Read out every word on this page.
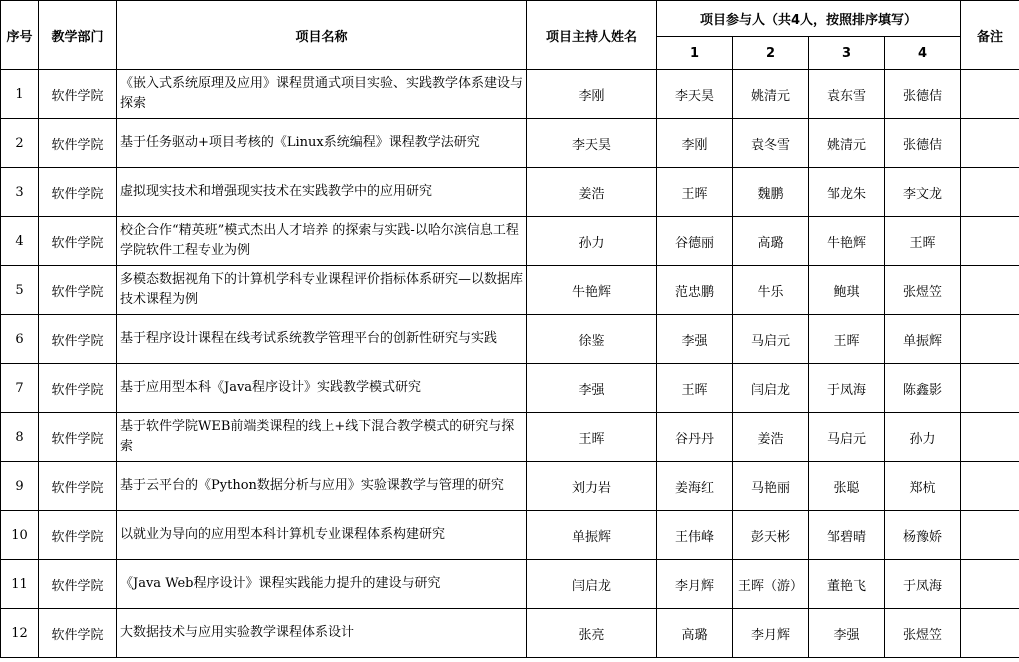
序号	教学部门	项目名称	项目主持人姓名	项目参与人（共4人，按照排序填写）				备注
				1	2	3	4	
1	软件学院	《嵌入式系统原理及应用》课程贯通式项目实验、实践教学体系建设与探索	李刚	李天昊	姚清元	袁东雪	张德佶	
2	软件学院	基于任务驱动+项目考核的《Linux系统编程》课程教学法研究	李天昊	李刚	袁冬雪	姚清元	张德佶	
3	软件学院	虚拟现实技术和增强现实技术在实践教学中的应用研究	姜浩	王晖	魏鹏	邹龙朱	李文龙	
4	软件学院	校企合作“精英班”模式杰出人才培养 的探索与实践-以哈尔滨信息工程学院软件工程专业为例	孙力	谷德丽	高璐	牛艳辉	王晖	
5	软件学院	多模态数据视角下的计算机学科专业课程评价指标体系研究—以数据库技术课程为例	牛艳辉	范忠鹏	牛乐	鲍琪	张煜笠	
6	软件学院	基于程序设计课程在线考试系统教学管理平台的创新性研究与实践	徐鉴	李强	马启元	王晖	单振辉	
7	软件学院	基于应用型本科《Java程序设计》实践教学模式研究	李强	王晖	闫启龙	于凤海	陈鑫影	
8	软件学院	基于软件学院WEB前端类课程的线上+线下混合教学模式的研究与探索	王晖	谷丹丹	姜浩	马启元	孙力	
9	软件学院	基于云平台的《Python数据分析与应用》实验课教学与管理的研究	刘力岩	姜海红	马艳丽	张聪	郑杭	
10	软件学院	以就业为导向的应用型本科计算机专业课程体系构建研究	单振辉	王伟峰	彭天彬	邹碧晴	杨豫娇	
11	软件学院	《Java Web程序设计》课程实践能力提升的建设与研究	闫启龙	李月辉	王晖（游）	董艳飞	于凤海	
12	软件学院	大数据技术与应用实验教学课程体系设计	张亮	高璐	李月辉	李强	张煜笠	
